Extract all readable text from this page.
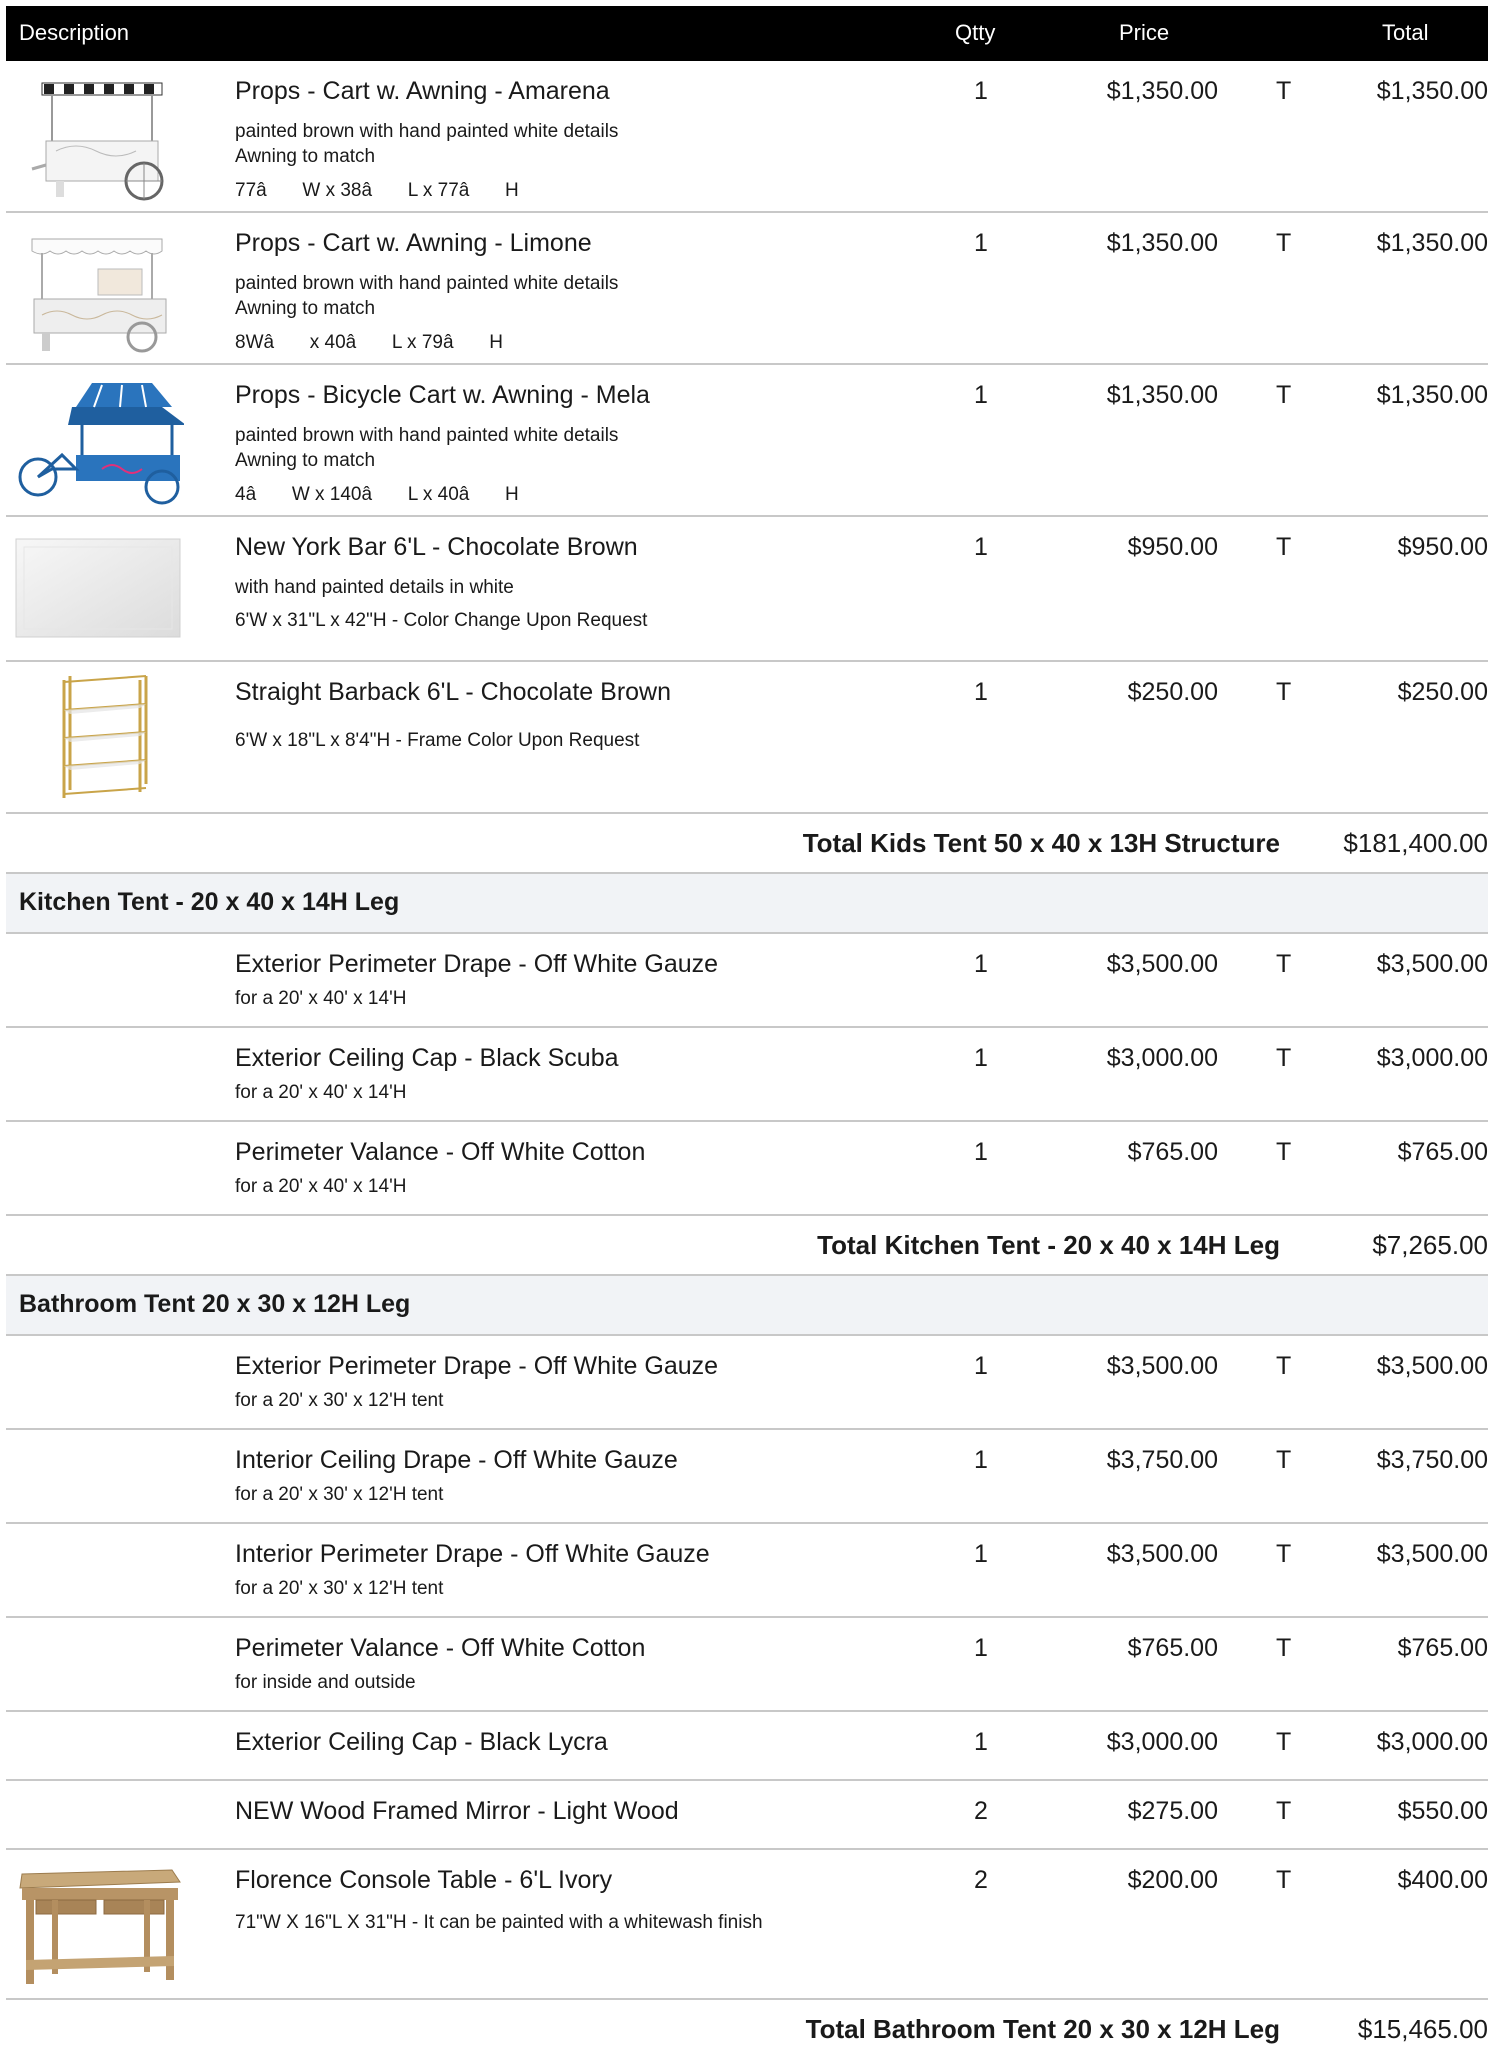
Description	Qtty	Price	Total
Props - Cart w. Awning - Amarena
painted brown with hand painted white details
Awning to match
77â W x 38â L x 77â H
1	$1,350.00 T	$1,350.00
Props - Cart w. Awning - Limone
painted brown with hand painted white details
Awning to match
8Wâ x 40â L x 79â H
1	$1,350.00 T	$1,350.00
Props - Bicycle Cart w. Awning - Mela
painted brown with hand painted white details
Awning to match
4â W x 140â L x 40â H
1	$1,350.00 T	$1,350.00
New York Bar 6'L - Chocolate Brown
with hand painted details in white
6'W x 31"L x 42"H - Color Change Upon Request
1	$950.00 T	$950.00
Straight Barback 6'L - Chocolate Brown
6'W x 18"L x 8'4"H - Frame Color Upon Request
1	$250.00 T	$250.00
Total Kids Tent 50 x 40 x 13H Structure $181,400.00
Kitchen Tent - 20 x 40 x 14H Leg
Exterior Perimeter Drape - Off White Gauze
for a 20' x 40' x 14'H
1	$3,500.00 T	$3,500.00
Exterior Ceiling Cap - Black Scuba
for a 20' x 40' x 14'H
1	$3,000.00 T	$3,000.00
Perimeter Valance - Off White Cotton
for a 20' x 40' x 14'H
1	$765.00 T	$765.00
Total Kitchen Tent - 20 x 40 x 14H Leg	$7,265.00
Bathroom Tent 20 x 30 x 12H Leg
Exterior Perimeter Drape - Off White Gauze
for a 20' x 30' x 12'H tent
1	$3,500.00 T	$3,500.00
Interior Ceiling Drape - Off White Gauze
for a 20' x 30' x 12'H tent
1	$3,750.00 T	$3,750.00
Interior Perimeter Drape - Off White Gauze
for a 20' x 30' x 12'H tent
1	$3,500.00 T	$3,500.00
Perimeter Valance - Off White Cotton
for inside and outside
1	$765.00 T	$765.00
Exterior Ceiling Cap - Black Lycra	1	$3,000.00 T	$3,000.00
NEW Wood Framed Mirror - Light Wood	2	$275.00 T	$550.00
Florence Console Table - 6'L Ivory
71"W X 16"L X 31"H - It can be painted with a whitewash finish
2	$200.00 T	$400.00
Total Bathroom Tent 20 x 30 x 12H Leg	$15,465.00
